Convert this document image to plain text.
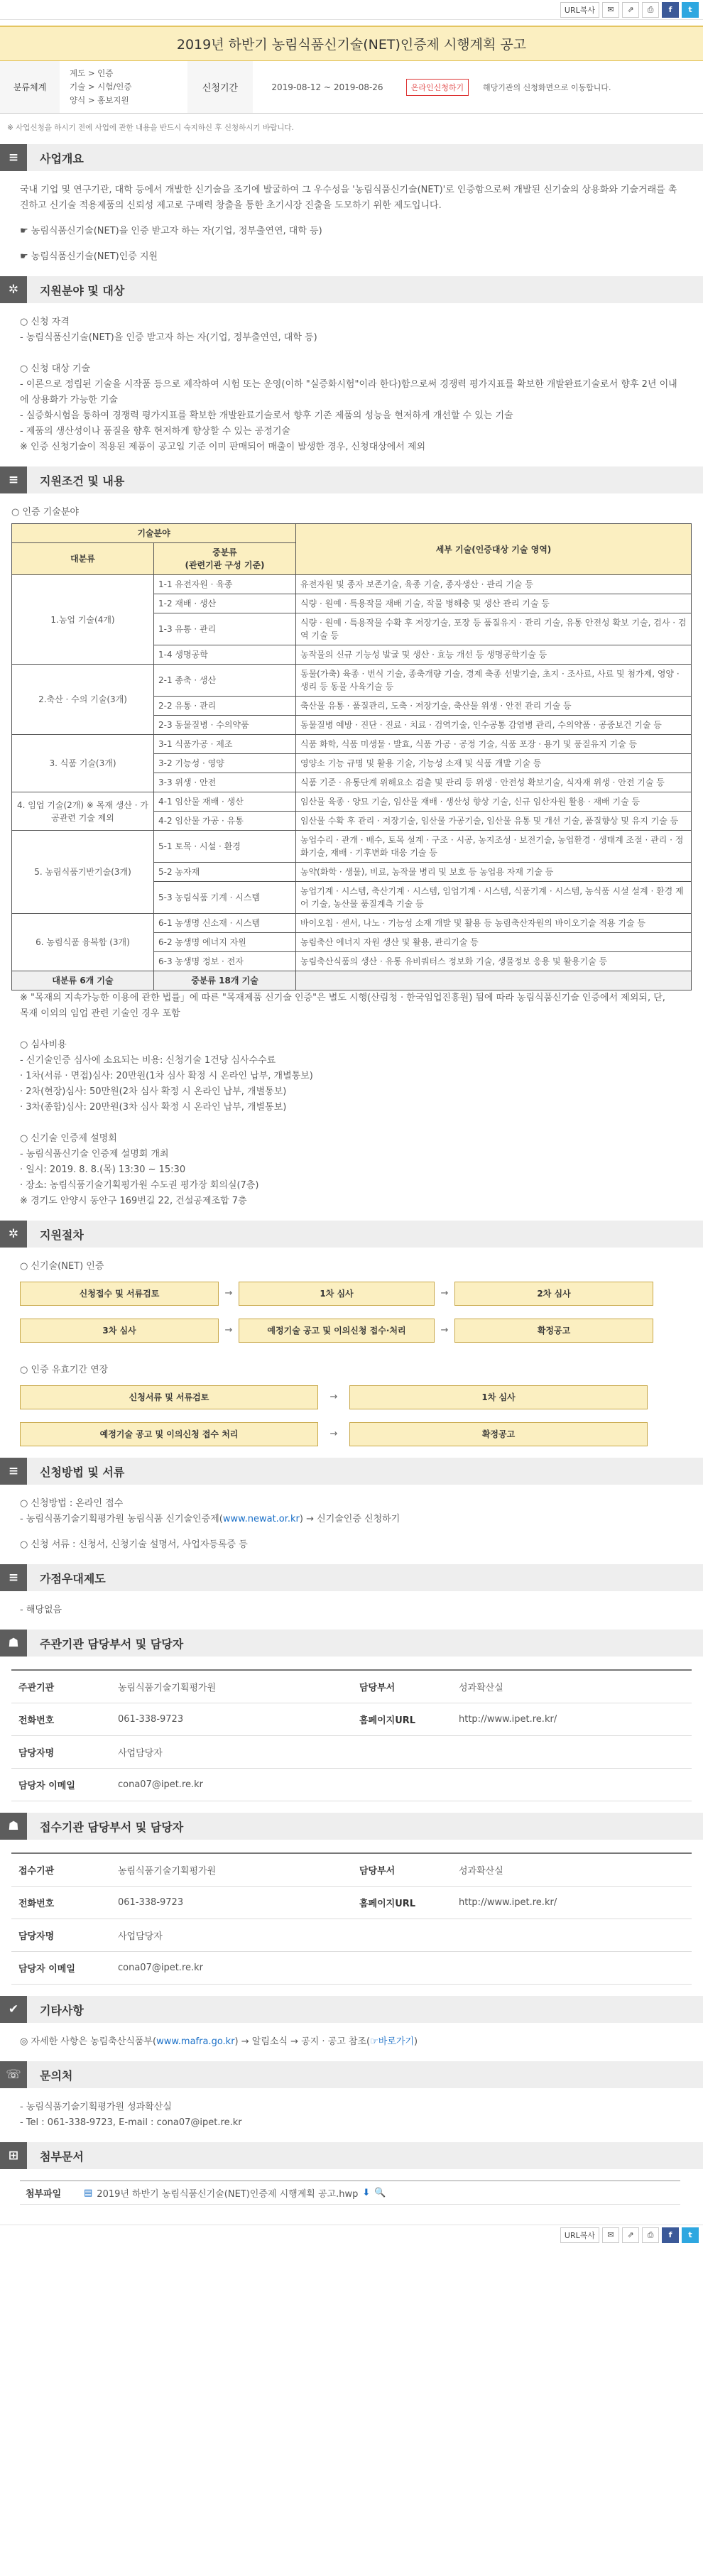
URL복사	✉	⇗	⎙	f	t
2019년 하반기 농림식품신기술(NET)인증제 시행계획 공고
분류체계
계도 > 인증
기술 > 시험/인증
양식 > 홍보지원
신청기간	2019-08-12 ~ 2019-08-26	온라인신청하기	해당기관의 신청화면으로 이동합니다.
※ 사업신청을 하시기 전에 사업에 관한 내용을 반드시 숙지하신 후 신청하시기 바랍니다.
≡	사업개요

국내 기업 및 연구기관, 대학 등에서 개발한 신기술을 조기에 발굴하여 그 우수성을 '농림식품신기술(NET)'로 인증함으로써 개발된 신기술의 상용화와 기술거래를 촉진하고 신기술 적용제품의 신뢰성 제고로 구매력 창출을 통한 초기시장 진출을 도모하기 위한 제도입니다.

☛ 농림식품신기술(NET)을 인증 받고자 하는 자(기업, 정부출연연, 대학 등)

☛ 농림식품신기술(NET)인증 지원

✲	지원분야 및 대상

○ 신청 자격

- 농림식품신기술(NET)을 인증 받고자 하는 자(기업, 정부출연연, 대학 등)

○ 신청 대상 기술

- 이론으로 정립된 기술을 시작품 등으로 제작하여 시험 또는 운영(이하 "실증화시험"이라 한다)함으로써 경쟁력 평가지표를 확보한 개발완료기술로서 향후 2년 이내에 상용화가 가능한 기술

- 실증화시험을 통하여 경쟁력 평가지표를 확보한 개발완료기술로서 향후 기존 제품의 성능을 현저하게 개선할 수 있는 기술

- 제품의 생산성이나 품질을 향후 현저하게 향상할 수 있는 공정기술

※ 인증 신청기술이 적용된 제품이 공고일 기준 이미 판매되어 매출이 발생한 경우, 신청대상에서 제외

≡	지원조건 및 내용

○ 인증 기술분야

기술분야		세부 기술(인증대상 기술 영역)
대분류	중분류
(관련기관 구성 기준)	
1.농업 기술(4개)	1-1 유전자원 · 육종	유전자원 및 종자 보존기술, 육종 기술, 종자생산 · 관리 기술 등
	1-2 재배 · 생산	식량 · 원예 · 특용작물 재배 기술, 작물 병해충 및 생산 관리 기술 등
	1-3 유통 · 관리	식량 · 원예 · 특용작물 수확 후 저장기술, 포장 등 품질유지 · 관리 기술, 유통 안전성 확보 기술, 검사 · 검역 기술 등
	1-4 생명공학	농작물의 신규 기능성 발굴 및 생산 · 효능 개선 등 생명공학기술 등
2.축산 · 수의 기술(3개)	2-1 종축 · 생산	동물(가축) 육종 · 번식 기술, 종축개량 기술, 경제 축종 선발기술, 초지 · 조사료, 사료 및 첨가제, 영양 · 생리 등 동물 사육기술 등
	2-2 유통 · 관리	축산물 유통 · 품질관리, 도축 · 저장기술, 축산물 위생 · 안전 관리 기술 등
	2-3 동물질병 · 수의약품	동물질병 예방 · 진단 · 진료 · 치료 · 검역기술, 인수공통 감염병 관리, 수의약품 · 공중보건 기술 등
3. 식품 기술(3개)	3-1 식품가공 · 제조	식품 화학, 식품 미생물 · 발효, 식품 가공 · 공정 기술, 식품 포장 · 용기 및 품질유지 기술 등
	3-2 기능성 · 영양	영양소 기능 규명 및 활용 기술, 기능성 소재 및 식품 개발 기술 등
	3-3 위생 · 안전	식품 기준 · 유통단계 위해요소 검출 및 관리 등 위생 · 안전성 확보기술, 식자재 위생 · 안전 기술 등
4. 임업 기술(2개) ※ 목재 생산 · 가공관련 기술 제외	4-1 임산물 재배 · 생산	임산물 육종 · 양묘 기술, 임산물 재배 · 생산성 향상 기술, 신규 임산자원 활용 · 재배 기술 등
	4-2 임산물 가공 · 유통	임산물 수확 후 관리 · 저장기술, 임산물 가공기술, 임산물 유통 및 개선 기술, 품질향상 및 유지 기술 등
5. 농림식품기반기술(3개)	5-1 토목 · 시설 · 환경	농업수리 · 관개 · 배수, 토목 설계 · 구조 · 시공, 농지조성 · 보전기술, 농업환경 · 생태계 조절 · 관리 · 정화기술, 재배 · 기후변화 대응 기술 등
	5-2 농자재	농약(화학 · 생물), 비료, 농작물 병리 및 보호 등 농업용 자재 기술 등
	5-3 농림식품 기계 · 시스템	농업기계 · 시스템, 축산기계 · 시스템, 임업기계 · 시스템, 식품기계 · 시스템, 농식품 시설 설계 · 환경 제어 기술, 농산물 품질계측 기술 등
6. 농림식품 융복합 (3개)	6-1 농생명 신소재 · 시스템	바이오칩 · 센서, 나노 · 기능성 소재 개발 및 활용 등 농림축산자원의 바이오기술 적용 기술 등
	6-2 농생명 에너지 자원	농림축산 에너지 자원 생산 및 활용, 관리기술 등
	6-3 농생명 정보 · 전자	농림축산식품의 생산 · 유통 유비쿼터스 정보화 기술, 생물정보 응용 및 활용기술 등
대분류 6개 기술	중분류 18개 기술	

※ "목재의 지속가능한 이용에 관한 법률」에 따른 "목재제품 신기술 인증"은 별도 시행(산림청 · 한국임업진흥원) 됨에 따라 농림식품신기술 인증에서 제외되, 단, 목재 이외의 임업 관련 기술인 경우 포함

○ 심사비용

- 신기술인증 심사에 소요되는 비용: 신청기술 1건당 심사수수료

· 1차(서류 · 면접)심사: 20만원(1차 심사 확정 시 온라인 납부, 개별통보)

· 2차(현장)심사: 50만원(2차 심사 확정 시 온라인 납부, 개별통보)

· 3차(종합)심사: 20만원(3차 심사 확정 시 온라인 납부, 개별통보)

○ 신기술 인증제 설명회

- 농림식품신기술 인증제 설명회 개최

· 일시: 2019. 8. 8.(목) 13:30 ~ 15:30

· 장소: 농림식품기술기획평가원 수도권 평가장 회의실(7층)

※ 경기도 안양시 동안구 169번길 22, 건설공제조합 7층

✲	지원절차

○ 신기술(NET) 인증

신청접수 및 서류검토	→	1차 심사	→	2차 심사
3차 심사	→	예정기술 공고 및 이의신청 접수·처리	→	확정공고

○ 인증 유효기간 연장

신청서류 및 서류검토	→	1차 심사
예정기술 공고 및 이의신청 접수 처리	→	확정공고
≡	신청방법 및 서류

○ 신청방법 : 온라인 접수

- 농림식품기술기획평가원 농림식품 신기술인증제(www.newat.or.kr) → 신기술인증 신청하기

○ 신청 서류 : 신청서, 신청기술 설명서, 사업자등록증 등

≡	가점우대제도

- 해당없음

☗	주관기관 담당부서 및 담당자
주관기관	농림식품기술기획평가원	담당부서	성과확산실
전화번호	061-338-9723	홈페이지URL	http://www.ipet.re.kr/
담당자명	사업담당자
담당자 이메일	cona07@ipet.re.kr
☗	접수기관 담당부서 및 담당자
접수기관	농림식품기술기획평가원	담당부서	성과확산실
전화번호	061-338-9723	홈페이지URL	http://www.ipet.re.kr/
담당자명	사업담당자
담당자 이메일	cona07@ipet.re.kr
✔	기타사항

◎ 자세한 사항은 농림축산식품부(www.mafra.go.kr) → 알림소식 → 공지 · 공고 참조(☞바로가기)

☏	문의처

- 농림식품기술기획평가원 성과확산실

- Tel : 061-338-9723, E-mail : cona07@ipet.re.kr

⊞	첨부문서
첨부파일	▤ 2019년 하반기 농림식품신기술(NET)인증제 시행계획 공고.hwp ⬇ 🔍
URL복사	✉	⇗	⎙	f	t
